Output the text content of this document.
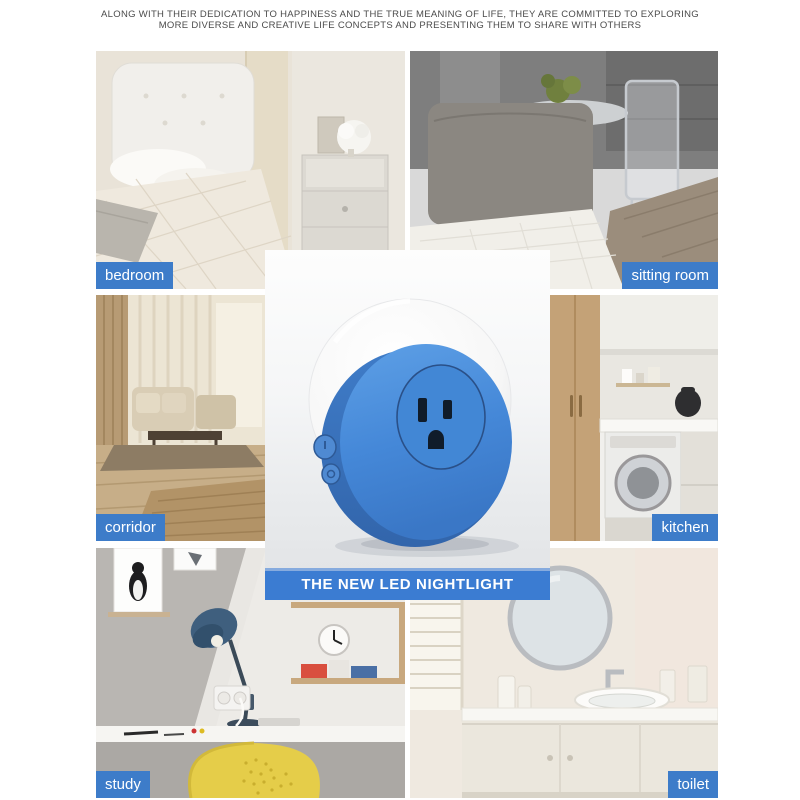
ALONG WITH THEIR DEDICATION TO HAPPINESS AND THE TRUE MEANING OF LIFE, THEY ARE COMMITTED TO EXPLORING
MORE DIVERSE AND CREATIVE LIFE CONCEPTS AND PRESENTING THEM TO SHARE WITH OTHERS
bedroom	sitting room
corridor	kitchen
study	toilet
THE NEW LED NIGHTLIGHT
